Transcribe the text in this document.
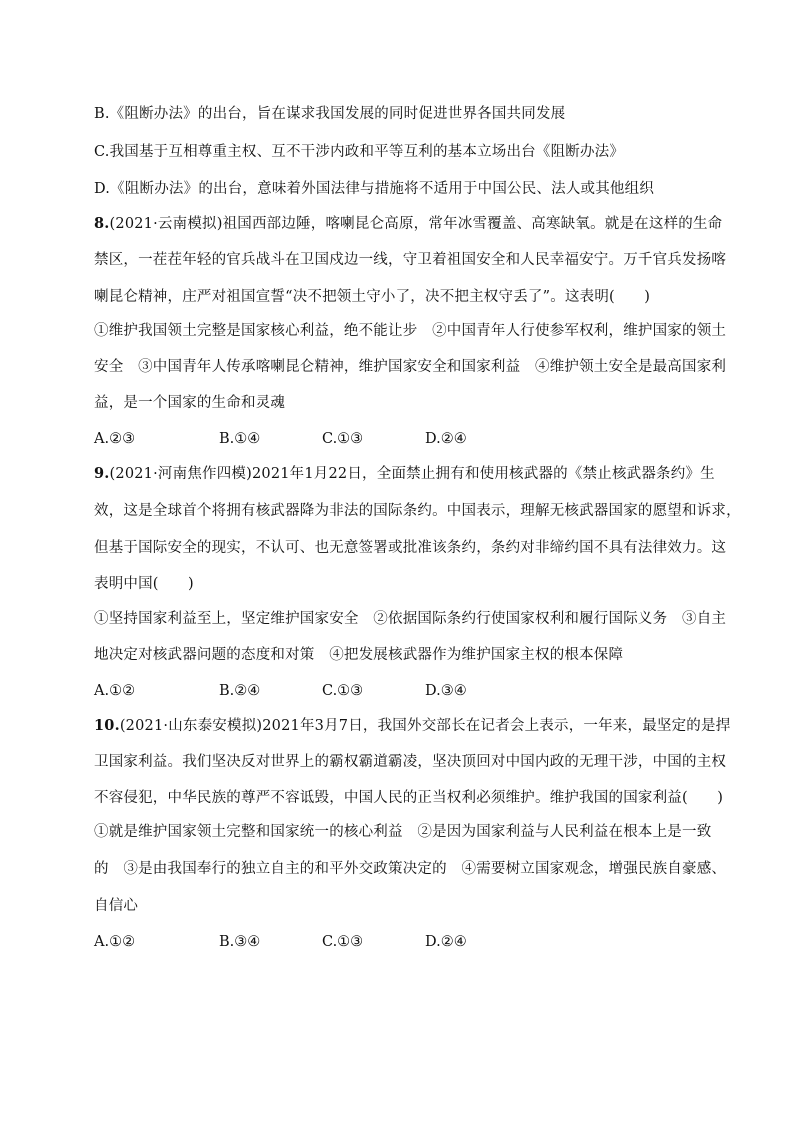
B.《阻断办法》的出台，旨在谋求我国发展的同时促进世界各国共同发展
C.我国基于互相尊重主权、互不干涉内政和平等互利的基本立场出台《阻断办法》
D.《阻断办法》的出台，意味着外国法律与措施将不适用于中国公民、法人或其他组织
8.(2021·云南模拟)祖国西部边陲，喀喇昆仑高原，常年冰雪覆盖、高寒缺氧。就是在这样的生命
禁区，一茬茬年轻的官兵战斗在卫国戍边一线，守卫着祖国安全和人民幸福安宁。万千官兵发扬喀
喇昆仑精神，庄严对祖国宣誓“决不把领土守小了，决不把主权守丢了”。这表明(　　)
①维护我国领土完整是国家核心利益，绝不能让步　②中国青年人行使参军权利，维护国家的领土
安全　③中国青年人传承喀喇昆仑精神，维护国家安全和国家利益　④维护领土安全是最高国家利
益，是一个国家的生命和灵魂
A.②③	B.①④	C.①③	D.②④
9.(2021·河南焦作四模)2021年1月22日，全面禁止拥有和使用核武器的《禁止核武器条约》生
效，这是全球首个将拥有核武器降为非法的国际条约。中国表示，理解无核武器国家的愿望和诉求，
但基于国际安全的现实，不认可、也无意签署或批准该条约，条约对非缔约国不具有法律效力。这
表明中国(　　)
①坚持国家利益至上，坚定维护国家安全　②依据国际条约行使国家权利和履行国际义务　③自主
地决定对核武器问题的态度和对策　④把发展核武器作为维护国家主权的根本保障
A.①②	B.②④	C.①③	D.③④
10.(2021·山东泰安模拟)2021年3月7日，我国外交部长在记者会上表示，一年来，最坚定的是捍
卫国家利益。我们坚决反对世界上的霸权霸道霸凌，坚决顶回对中国内政的无理干涉，中国的主权
不容侵犯，中华民族的尊严不容诋毁，中国人民的正当权利必须维护。维护我国的国家利益(　　)
①就是维护国家领土完整和国家统一的核心利益　②是因为国家利益与人民利益在根本上是一致
的　③是由我国奉行的独立自主的和平外交政策决定的　④需要树立国家观念，增强民族自豪感、
自信心
A.①②	B.③④	C.①③	D.②④
